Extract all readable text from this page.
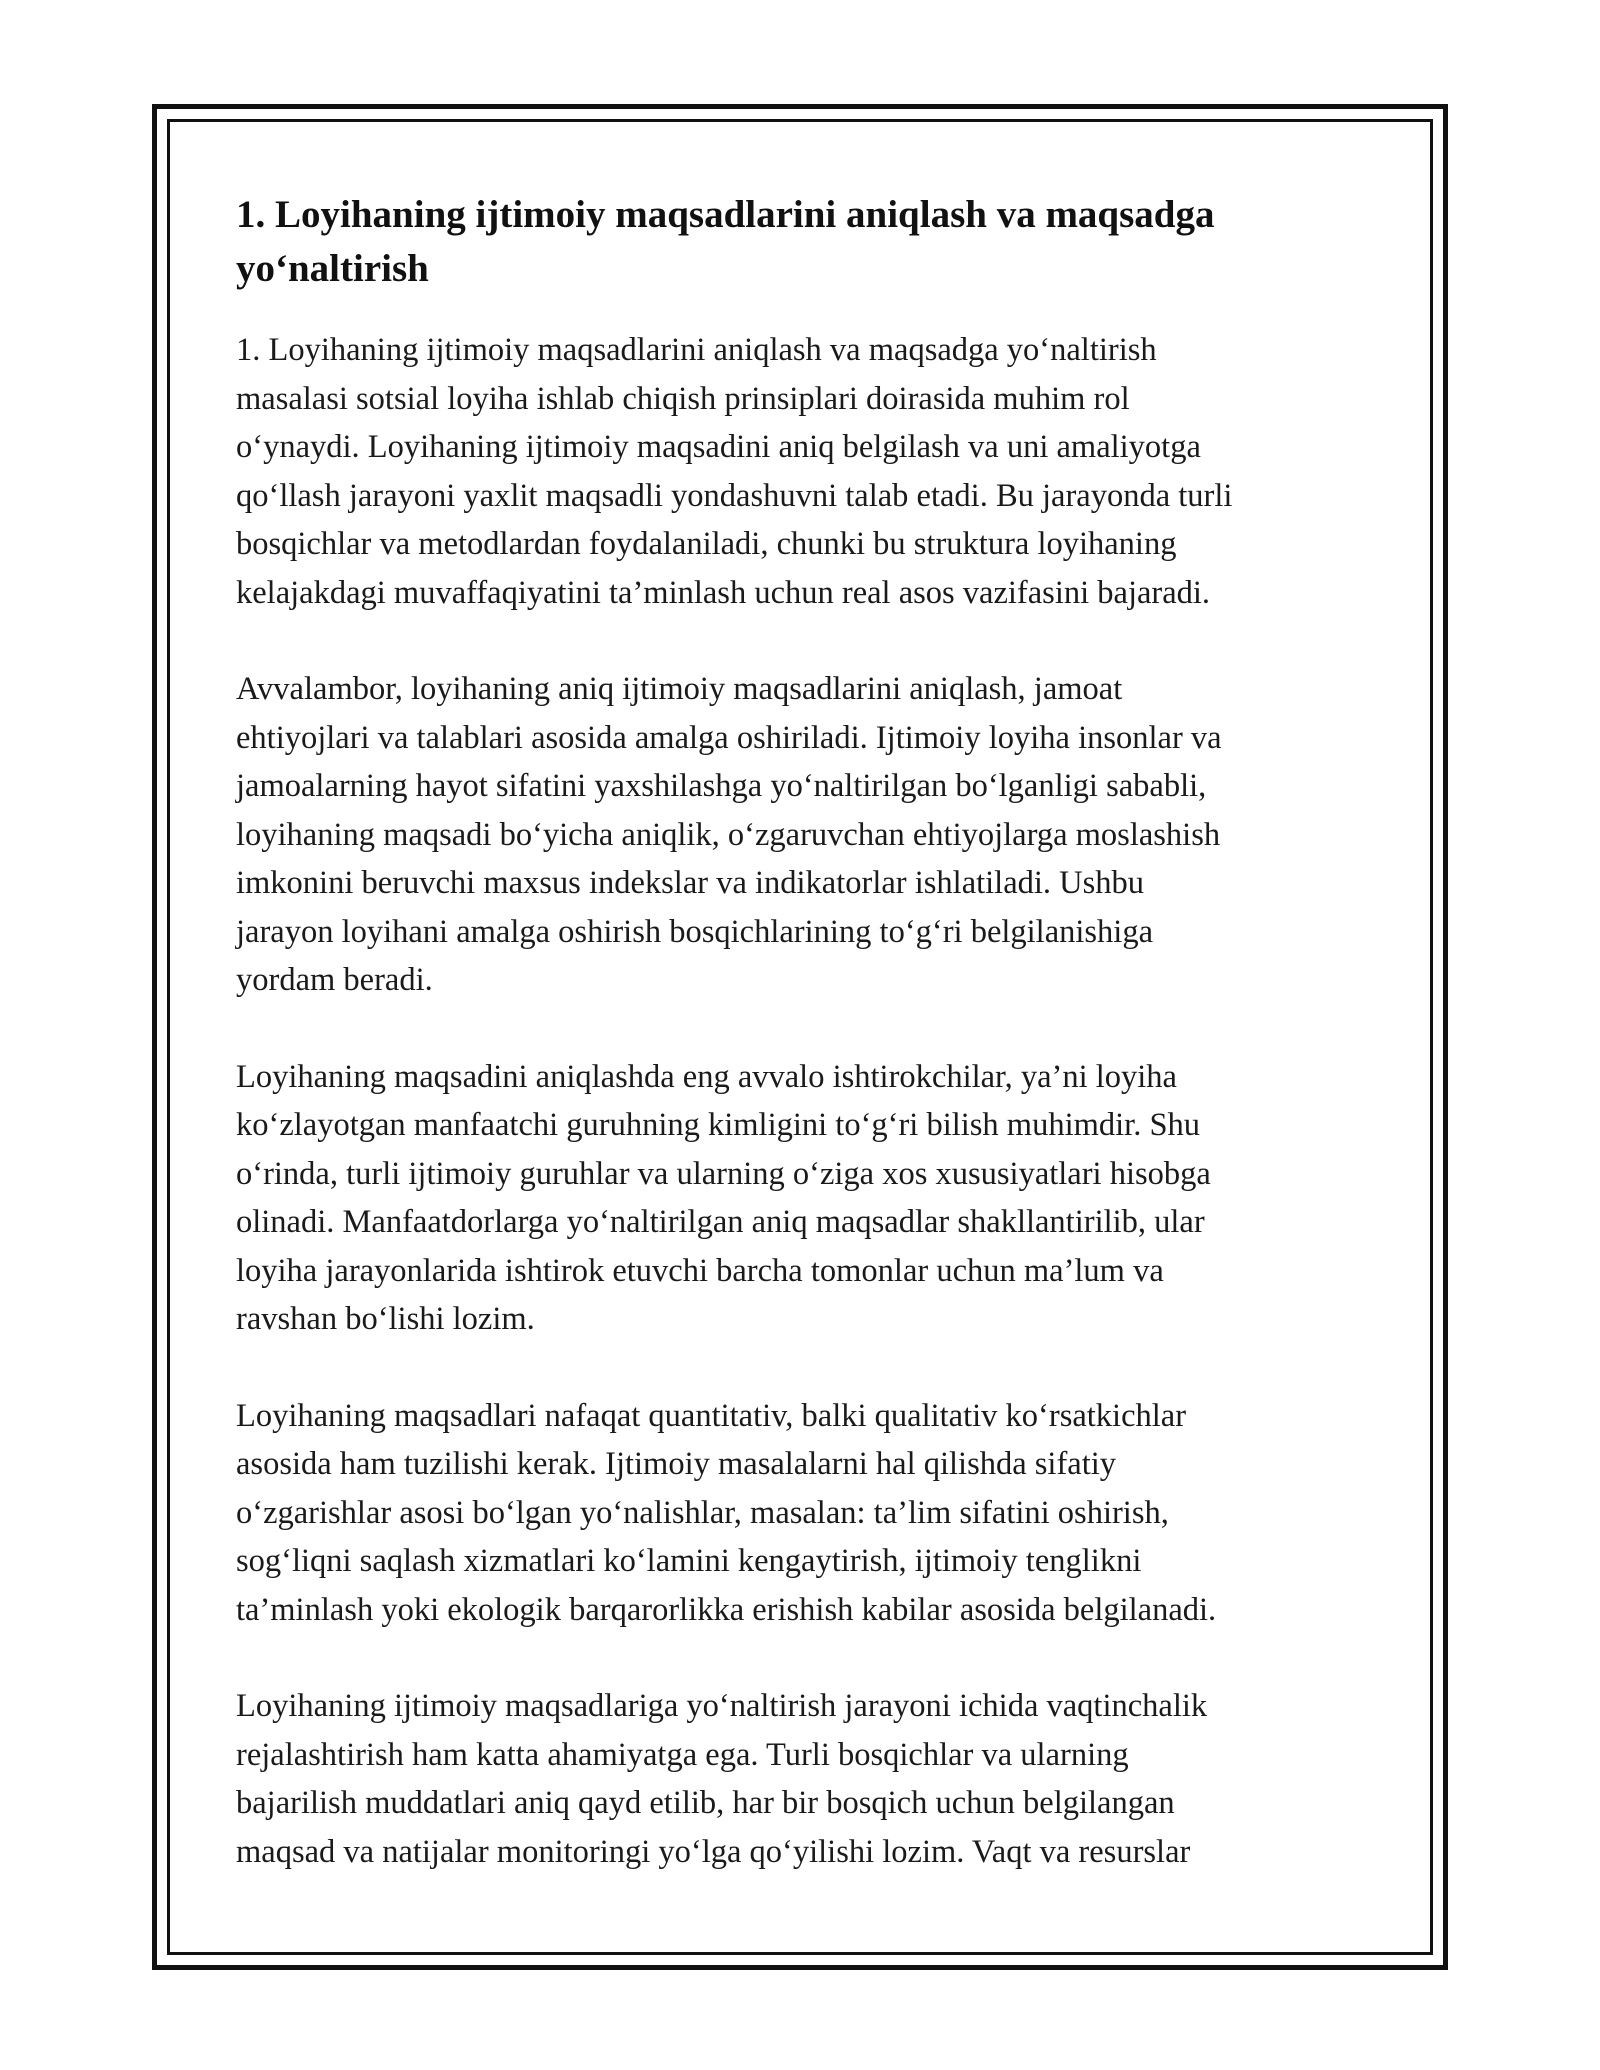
1. Loyihaning ijtimoiy maqsadlarini aniqlash va maqsadga
yo‘naltirish

1. Loyihaning ijtimoiy maqsadlarini aniqlash va maqsadga yo‘naltirish
masalasi sotsial loyiha ishlab chiqish prinsiplari doirasida muhim rol
o‘ynaydi. Loyihaning ijtimoiy maqsadini aniq belgilash va uni amaliyotga
qo‘llash jarayoni yaxlit maqsadli yondashuvni talab etadi. Bu jarayonda turli
bosqichlar va metodlardan foydalaniladi, chunki bu struktura loyihaning
kelajakdagi muvaffaqiyatini ta’minlash uchun real asos vazifasini bajaradi.

Avvalambor, loyihaning aniq ijtimoiy maqsadlarini aniqlash, jamoat
ehtiyojlari va talablari asosida amalga oshiriladi. Ijtimoiy loyiha insonlar va
jamoalarning hayot sifatini yaxshilashga yo‘naltirilgan bo‘lganligi sababli,
loyihaning maqsadi bo‘yicha aniqlik, o‘zgaruvchan ehtiyojlarga moslashish
imkonini beruvchi maxsus indekslar va indikatorlar ishlatiladi. Ushbu
jarayon loyihani amalga oshirish bosqichlarining to‘g‘ri belgilanishiga
yordam beradi.

Loyihaning maqsadini aniqlashda eng avvalo ishtirokchilar, ya’ni loyiha
ko‘zlayotgan manfaatchi guruhning kimligini to‘g‘ri bilish muhimdir. Shu
o‘rinda, turli ijtimoiy guruhlar va ularning o‘ziga xos xususiyatlari hisobga
olinadi. Manfaatdorlarga yo‘naltirilgan aniq maqsadlar shakllantirilib, ular
loyiha jarayonlarida ishtirok etuvchi barcha tomonlar uchun ma’lum va
ravshan bo‘lishi lozim.

Loyihaning maqsadlari nafaqat quantitativ, balki qualitativ ko‘rsatkichlar
asosida ham tuzilishi kerak. Ijtimoiy masalalarni hal qilishda sifatiy
o‘zgarishlar asosi bo‘lgan yo‘nalishlar, masalan: ta’lim sifatini oshirish,
sog‘liqni saqlash xizmatlari ko‘lamini kengaytirish, ijtimoiy tenglikni
ta’minlash yoki ekologik barqarorlikka erishish kabilar asosida belgilanadi.

Loyihaning ijtimoiy maqsadlariga yo‘naltirish jarayoni ichida vaqtinchalik
rejalashtirish ham katta ahamiyatga ega. Turli bosqichlar va ularning
bajarilish muddatlari aniq qayd etilib, har bir bosqich uchun belgilangan
maqsad va natijalar monitoringi yo‘lga qo‘yilishi lozim. Vaqt va resurslar
